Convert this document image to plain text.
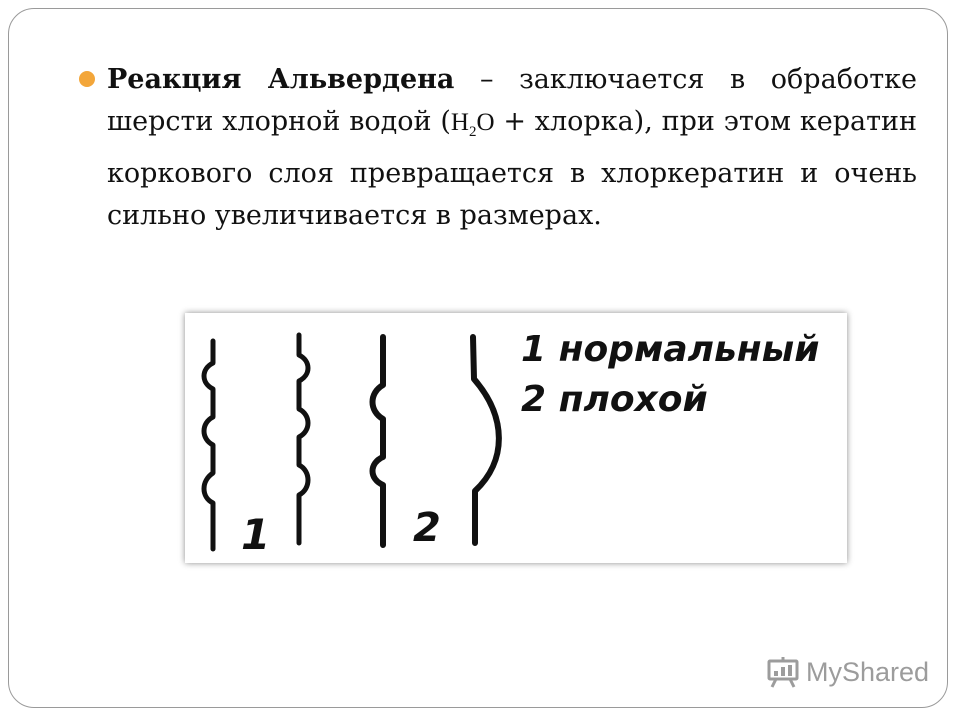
Реакция Альвердена – заключается в обработке шерсти хлорной водой ($H_2O$ + хлорка), при этом кератин коркового слоя превращается в хлоркератин и очень сильно увеличивается в размерах.

1	2
1 нормальный
2 плохой
MyShared
